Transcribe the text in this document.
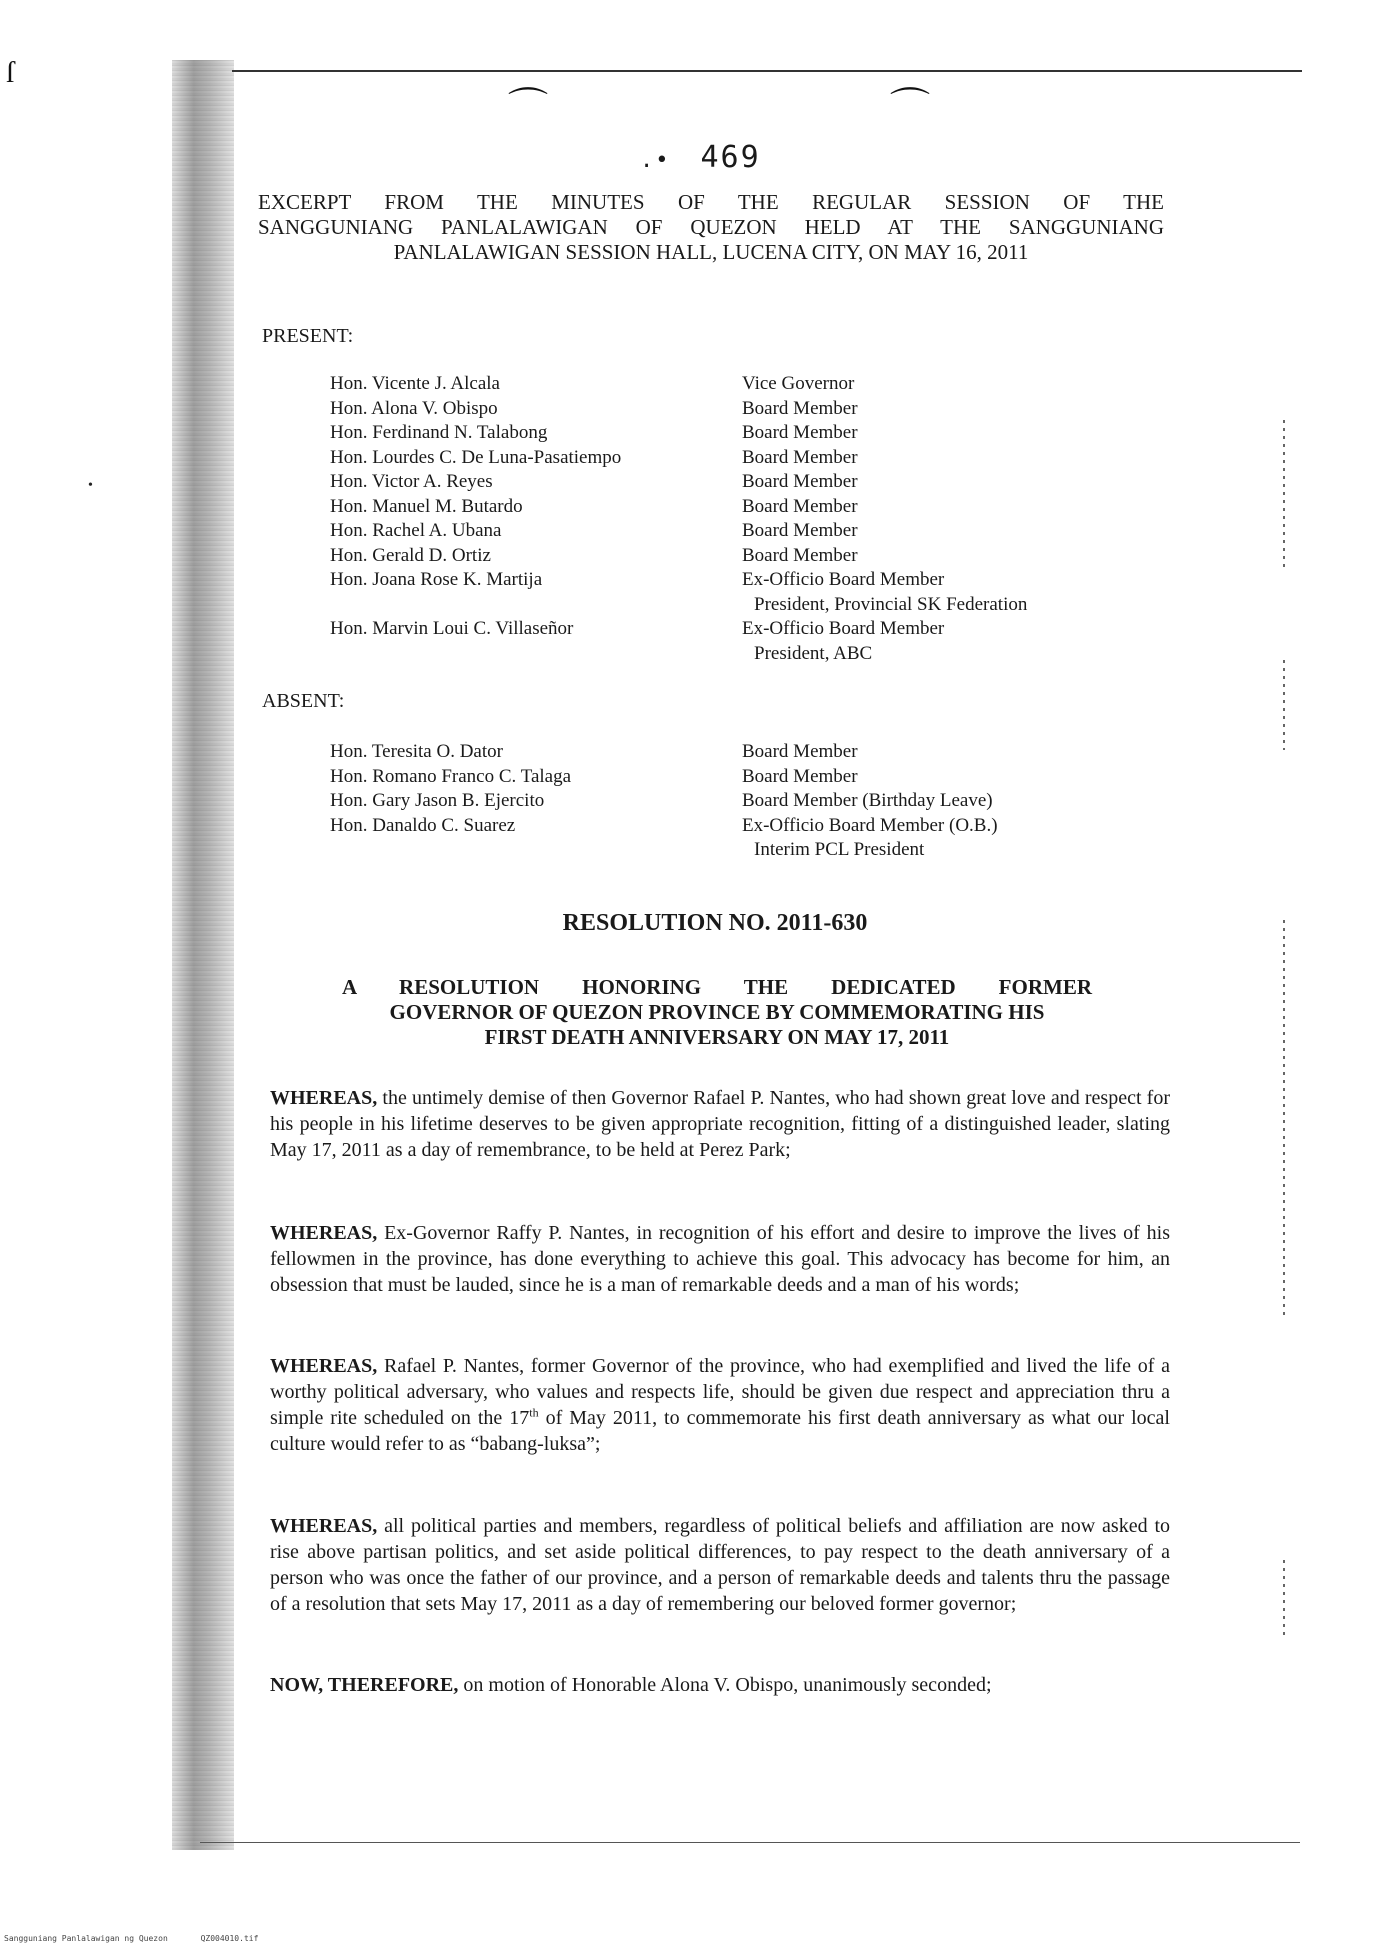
ſ
⌒	⌒
•
.• 469
EXCERPT FROM THE MINUTES OF THE REGULAR SESSION OF THE
SANGGUNIANG PANLALAWIGAN OF QUEZON HELD AT THE SANGGUNIANG
PANLALAWIGAN SESSION HALL, LUCENA CITY, ON MAY 16, 2011
PRESENT:
Hon. Vicente J. Alcala	Vice Governor
Hon. Alona V. Obispo	Board Member
Hon. Ferdinand N. Talabong	Board Member
Hon. Lourdes C. De Luna-Pasatiempo	Board Member
Hon. Victor A. Reyes	Board Member
Hon. Manuel M. Butardo	Board Member
Hon. Rachel A. Ubana	Board Member
Hon. Gerald D. Ortiz	Board Member
Hon. Joana Rose K. Martija	Ex-Officio Board Member
President, Provincial SK Federation
Hon. Marvin Loui C. Villaseñor	Ex-Officio Board Member
President, ABC
ABSENT:
Hon. Teresita O. Dator	Board Member
Hon. Romano Franco C. Talaga	Board Member
Hon. Gary Jason B. Ejercito	Board Member (Birthday Leave)
Hon. Danaldo C. Suarez	Ex-Officio Board Member (O.B.)
Interim PCL President
RESOLUTION NO. 2011-630
A RESOLUTION HONORING THE DEDICATED FORMER
GOVERNOR OF QUEZON PROVINCE BY COMMEMORATING HIS
FIRST DEATH ANNIVERSARY ON MAY 17, 2011
WHEREAS, the untimely demise of then Governor Rafael P. Nantes, who had shown great love and respect for his people in his lifetime deserves to be given appropriate recognition, fitting of a distinguished leader, slating May 17, 2011 as a day of remembrance, to be held at Perez Park;
WHEREAS, Ex-Governor Raffy P. Nantes, in recognition of his effort and desire to improve the lives of his fellowmen in the province, has done everything to achieve this goal. This advocacy has become for him, an obsession that must be lauded, since he is a man of remarkable deeds and a man of his words;
WHEREAS, Rafael P. Nantes, former Governor of the province, who had exemplified and lived the life of a worthy political adversary, who values and respects life, should be given due respect and appreciation thru a simple rite scheduled on the 17th of May 2011, to commemorate his first death anniversary as what our local culture would refer to as “babang-luksa”;
WHEREAS, all political parties and members, regardless of political beliefs and affiliation are now asked to rise above partisan politics, and set aside political differences, to pay respect to the death anniversary of a person who was once the father of our province, and a person of remarkable deeds and talents thru the passage of a resolution that sets May 17, 2011 as a day of remembering our beloved former governor;
NOW, THEREFORE, on motion of Honorable Alona V. Obispo, unanimously seconded;
Sangguniang Panlalawigan ng Quezon	QZ004010.tif
